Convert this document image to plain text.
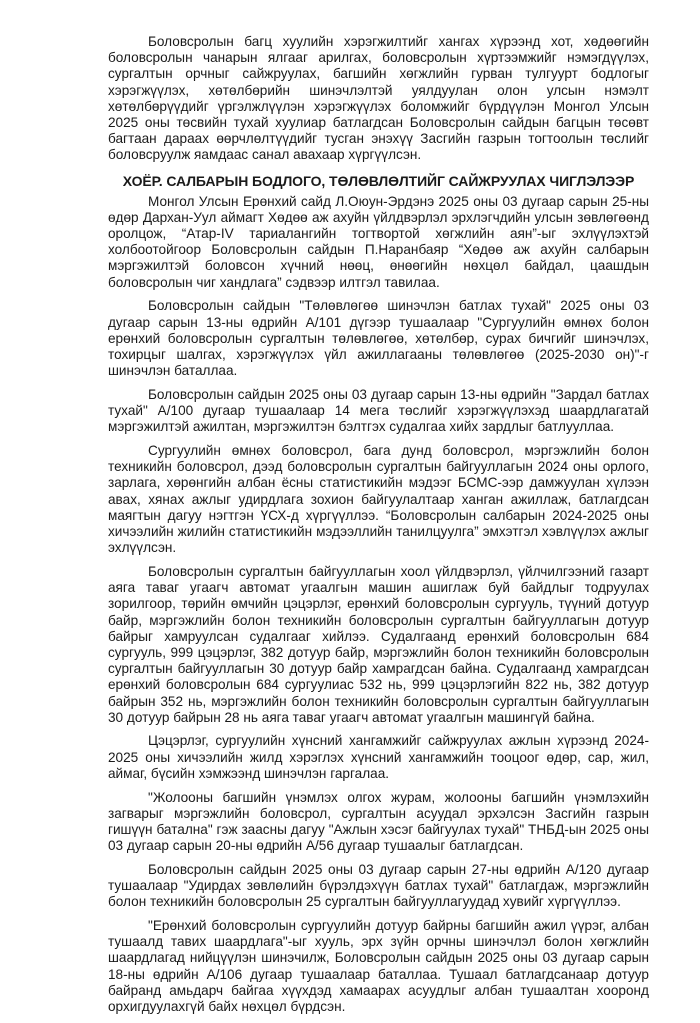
Боловсролын багц хуулийн хэрэгжилтийг хангах хүрээнд хот, хөдөөгийн боловсролын чанарын ялгааг арилгах, боловсролын хүртээмжийг нэмэгдүүлэх, сургалтын орчныг сайжруулах, багшийн хөгжлийн гурван тулгуурт бодлогыг хэрэгжүүлэх, хөтөлбөрийн шинэчлэлтэй уялдуулан олон улсын нэмэлт хөтөлбөрүүдийг үргэлжлүүлэн хэрэгжүүлэх боломжийг бүрдүүлэн Монгол Улсын 2025 оны төсвийн тухай хуулиар батлагдсан Боловсролын сайдын багцын төсөвт багтаан дараах өөрчлөлтүүдийг тусган энэхүү Засгийн газрын тогтоолын төслийг боловсруулж яамдаас санал авахаар хүргүүлсэн.

ХОЁР. САЛБАРЫН БОДЛОГО, ТӨЛӨВЛӨЛТИЙГ САЙЖРУУЛАХ ЧИГЛЭЛЭЭР

Монгол Улсын Ерөнхий сайд Л.Оюун-Эрдэнэ 2025 оны 03 дугаар сарын 25-ны өдөр Дархан-Уул аймагт Хөдөө аж ахуйн үйлдвэрлэл эрхлэгчдийн улсын зөвлөгөөнд оролцож, “Атар-IV тариалангийн тогтвортой хөгжлийн аян”-ыг эхлүүлэхтэй холбоотойгоор Боловсролын сайдын П.Наранбаяр “Хөдөө аж ахуйн салбарын мэргэжилтэй боловсон хүчний нөөц, өнөөгийн нөхцөл байдал, цаашдын боловсролын чиг хандлага” сэдвээр илтгэл тавилаа.

Боловсролын сайдын "Төлөвлөгөө шинэчлэн батлах тухай" 2025 оны 03 дугаар сарын 13-ны өдрийн А/101 дүгээр тушаалаар "Сургуулийн өмнөх болон ерөнхий боловсролын сургалтын төлөвлөгөө, хөтөлбөр, сурах бичгийг шинэчлэх, тохирцыг шалгах, хэрэгжүүлэх үйл ажиллагааны төлөвлөгөө (2025-2030 он)"-г шинэчлэн баталлаа.

Боловсролын сайдын 2025 оны 03 дугаар сарын 13-ны өдрийн "Зардал батлах тухай" А/100 дугаар тушаалаар 14 мега төслийг хэрэгжүүлэхэд шаардлагатай мэргэжилтэй ажилтан, мэргэжилтэн бэлтгэх судалгаа хийх зардлыг батлууллаа.

Сургуулийн өмнөх боловсрол, бага дунд боловсрол, мэргэжлийн болон техникийн боловсрол, дээд боловсролын сургалтын байгууллагын 2024 оны орлого, зарлага, хөрөнгийн албан ёсны статистикийн мэдээг БСМС-ээр дамжуулан хүлээн авах, хянах ажлыг удирдлага зохион байгуулалтаар ханган ажиллаж, батлагдсан маягтын дагуу нэгтгэн ҮСХ-д хүргүүллээ. “Боловсролын салбарын 2024-2025 оны хичээлийн жилийн статистикийн мэдээллийн танилцуулга” эмхэтгэл хэвлүүлэх ажлыг эхлүүлсэн.

Боловсролын сургалтын байгууллагын хоол үйлдвэрлэл, үйлчилгээний газарт аяга таваг угаагч автомат угаалгын машин ашиглаж буй байдлыг тодруулах зорилгоор, төрийн өмчийн цэцэрлэг, ерөнхий боловсролын сургууль, түүний дотуур байр, мэргэжлийн болон техникийн боловсролын сургалтын байгууллагын дотуур байрыг хамруулсан судалгааг хийлээ. Судалгаанд ерөнхий боловсролын 684 сургууль, 999 цэцэрлэг, 382 дотуур байр, мэргэжлийн болон техникийн боловсролын сургалтын байгууллагын 30 дотуур байр хамрагдсан байна. Судалгаанд хамрагдсан ерөнхий боловсролын 684 сургуулиас 532 нь, 999 цэцэрлэгийн 822 нь, 382 дотуур байрын 352 нь, мэргэжлийн болон техникийн боловсролын сургалтын байгууллагын 30 дотуур байрын 28 нь аяга таваг угаагч автомат угаалгын машингүй байна.

Цэцэрлэг, сургуулийн хүнсний хангамжийг сайжруулах ажлын хүрээнд 2024-2025 оны хичээлийн жилд хэрэглэх хүнсний хангамжийн тооцоог өдөр, сар, жил, аймаг, бүсийн хэмжээнд шинэчлэн гаргалаа.

"Жолооны багшийн үнэмлэх олгох журам, жолооны багшийн үнэмлэхийн загварыг мэргэжлийн боловсрол, сургалтын асуудал эрхэлсэн Засгийн газрын гишүүн батална" гэж заасны дагуу "Ажлын хэсэг байгуулах тухай" ТНБД-ын 2025 оны 03 дугаар сарын 20-ны өдрийн А/56 дугаар тушаалыг батлагдсан.

Боловсролын сайдын 2025 оны 03 дугаар сарын 27-ны өдрийн А/120 дугаар тушаалаар "Удирдах зөвлөлийн бүрэлдэхүүн батлах тухай" батлагдаж, мэргэжлийн болон техникийн боловсролын 25 сургалтын байгууллагуудад хувийг хүргүүллээ.

"Ерөнхий боловсролын сургуулийн дотуур байрны багшийн ажил үүрэг, албан тушаалд тавих шаардлага"-ыг хууль, эрх зүйн орчны шинэчлэл болон хөгжлийн шаардлагад нийцүүлэн шинэчилж, Боловсролын сайдын 2025 оны 03 дугаар сарын 18-ны өдрийн А/106 дугаар тушаалаар баталлаа. Тушаал батлагдсанаар дотуур байранд амьдарч байгаа хүүхдэд хамаарах асуудлыг албан тушаалтан хооронд орхигдуулахгүй байх нөхцөл бүрдсэн.
